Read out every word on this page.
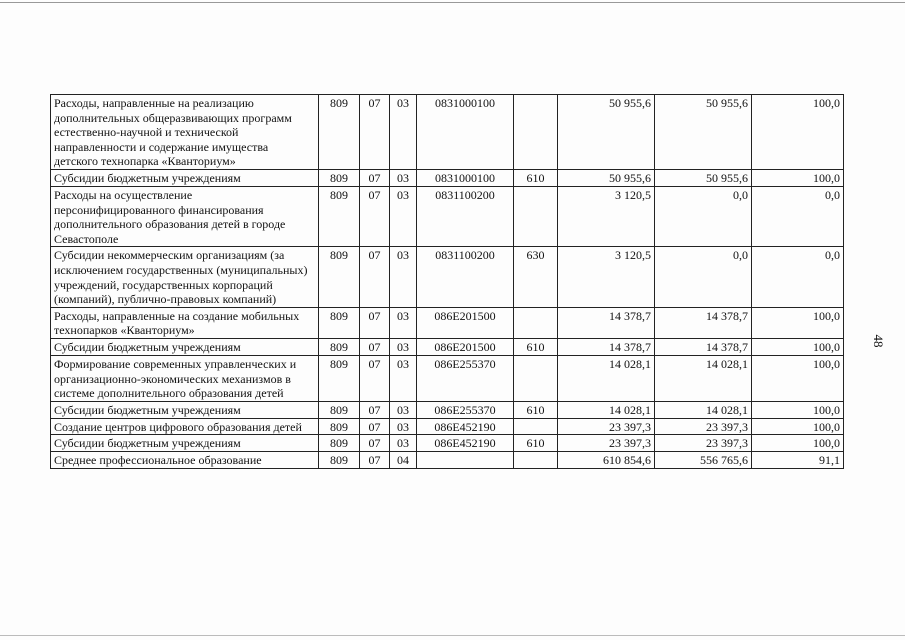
48
Расходы, направленные на реализацию дополнительных общеразвивающих программ естественно-научной и технической направленности и содержание имущества детского технопарка «Кванториум»	809	07	03	0831000100		50 955,6	50 955,6	100,0
Субсидии бюджетным учреждениям	809	07	03	0831000100	610	50 955,6	50 955,6	100,0
Расходы на осуществление персонифицированного финансирования дополнительного образования детей в городе Севастополе	809	07	03	0831100200		3 120,5	0,0	0,0
Субсидии некоммерческим организациям (за исключением государственных (муниципальных) учреждений, государственных корпораций (компаний), публично-правовых компаний)	809	07	03	0831100200	630	3 120,5	0,0	0,0
Расходы, направленные на создание мобильных технопарков «Кванториум»	809	07	03	086E201500		14 378,7	14 378,7	100,0
Субсидии бюджетным учреждениям	809	07	03	086E201500	610	14 378,7	14 378,7	100,0
Формирование современных управленческих и организационно-экономических механизмов в системе дополнительного образования детей	809	07	03	086E255370		14 028,1	14 028,1	100,0
Субсидии бюджетным учреждениям	809	07	03	086E255370	610	14 028,1	14 028,1	100,0
Создание центров цифрового образования детей	809	07	03	086E452190		23 397,3	23 397,3	100,0
Субсидии бюджетным учреждениям	809	07	03	086E452190	610	23 397,3	23 397,3	100,0
Среднее профессиональное образование	809	07	04			610 854,6	556 765,6	91,1
